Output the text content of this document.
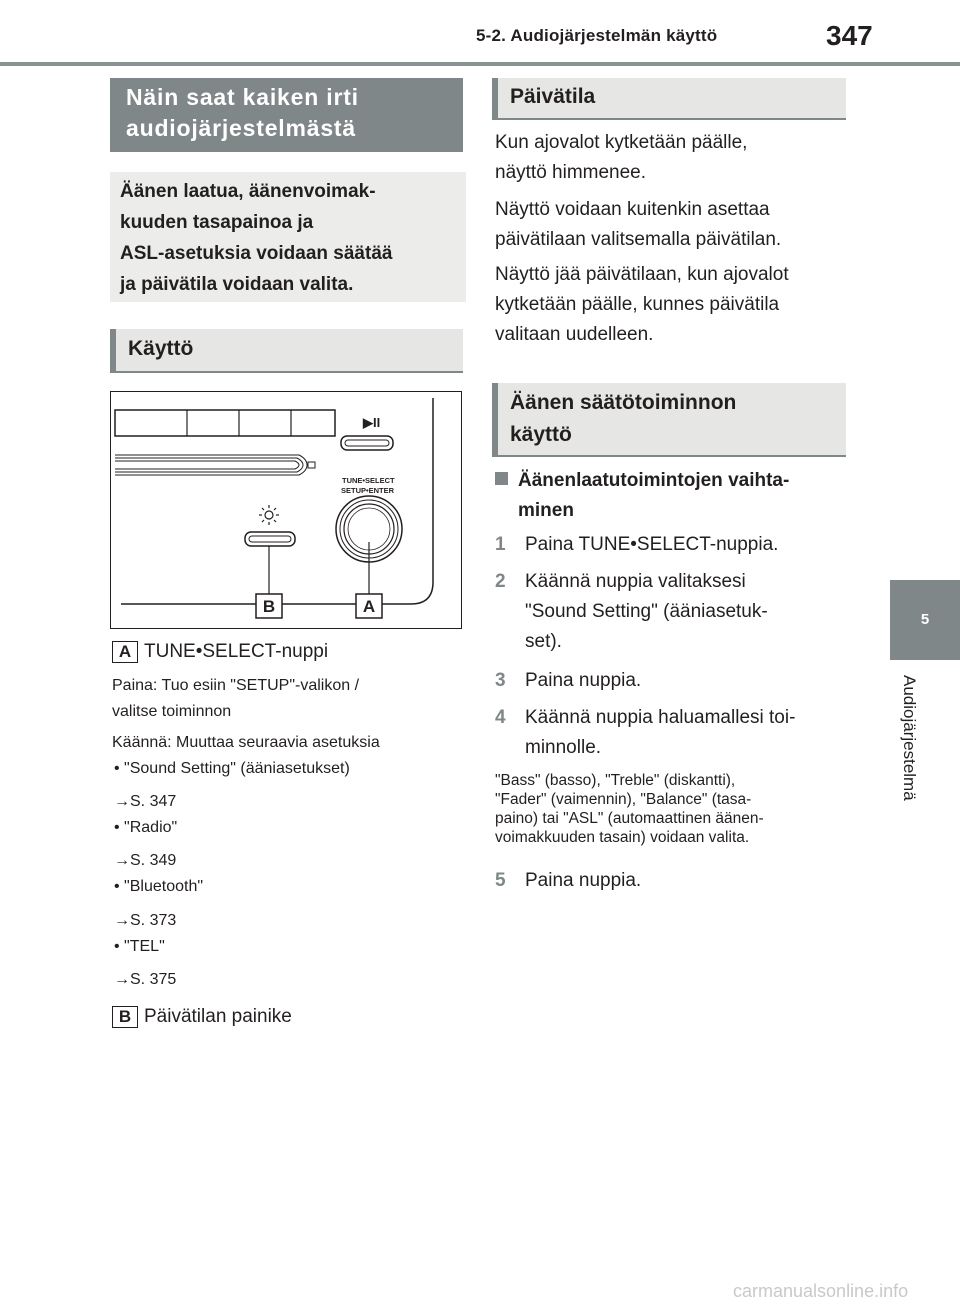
5-2. Audiojärjestelmän käyttö	347
5
Audiojärjestelmä
Näin saat kaiken irti audiojärjestelmästä
Äänen laatua, äänenvoimak-
kuuden tasapainoa ja
ASL-asetuksia voidaan säätää
ja päivätila voidaan valita.
Käyttö
▶II
TUNE•SELECT
SETUP•ENTER
B	A
A TUNE•SELECT-nuppi
Paina: Tuo esiin "SETUP"-valikon /
valitse toiminnon
Käännä: Muuttaa seuraavia asetuksia
• "Sound Setting" (ääniasetukset)
→S. 347
• "Radio"
→S. 349
• "Bluetooth"
→S. 373
• "TEL"
→S. 375
B Päivätilan painike
Päivätila
Kun ajovalot kytketään päälle,
näyttö himmenee.
Näyttö voidaan kuitenkin asettaa
päivätilaan valitsemalla päivätilan.
Näyttö jää päivätilaan, kun ajovalot
kytketään päälle, kunnes päivätila
valitaan uudelleen.
Äänen säätötoiminnon
käyttö
Äänenlaatutoimintojen vaihta-
minen
1	Paina TUNE•SELECT-nuppia.
2	Käännä nuppia valitaksesi
"Sound Setting" (ääniasetuk-
set).
3	Paina nuppia.
4	Käännä nuppia haluamallesi toi-
minnolle.
"Bass" (basso), "Treble" (diskantti),
"Fader" (vaimennin), "Balance" (tasa-
paino) tai "ASL" (automaattinen äänen-
voimakkuuden tasain) voidaan valita.
5	Paina nuppia.
carmanualsonline.info
